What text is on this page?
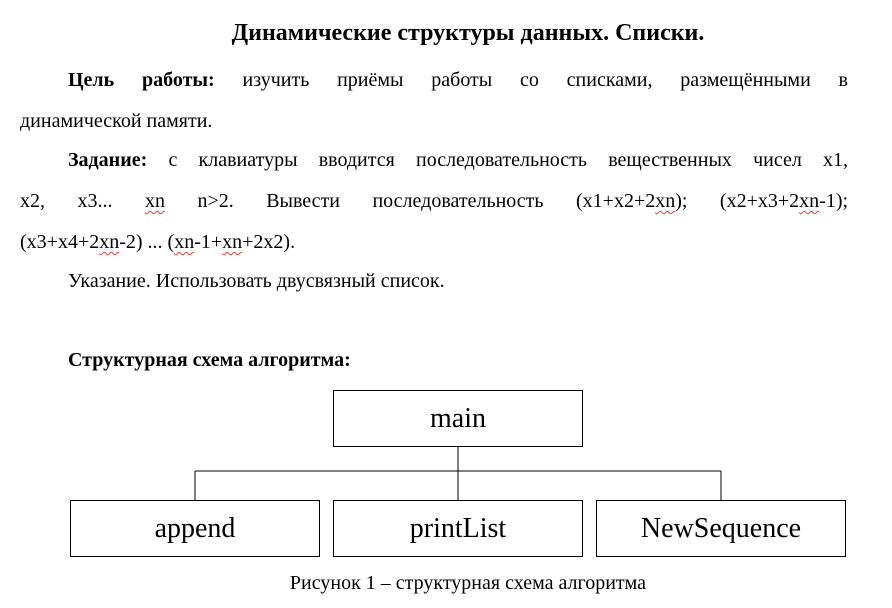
Динамические структуры данных. Списки.
Цель работы: изучить приёмы работы со списками, размещёнными в
динамической памяти.
Задание: с клавиатуры вводится последовательность вещественных чисел x1,
x2, x3... xn n>2. Вывести последовательность (x1+x2+2xn); (x2+x3+2xn-1);
(x3+x4+2xn-2) ... (xn-1+xn+2x2).
Указание. Использовать двусвязный список.
Структурная схема алгоритма:
main
append	printList	NewSequence
Рисунок 1 – структурная схема алгоритма
